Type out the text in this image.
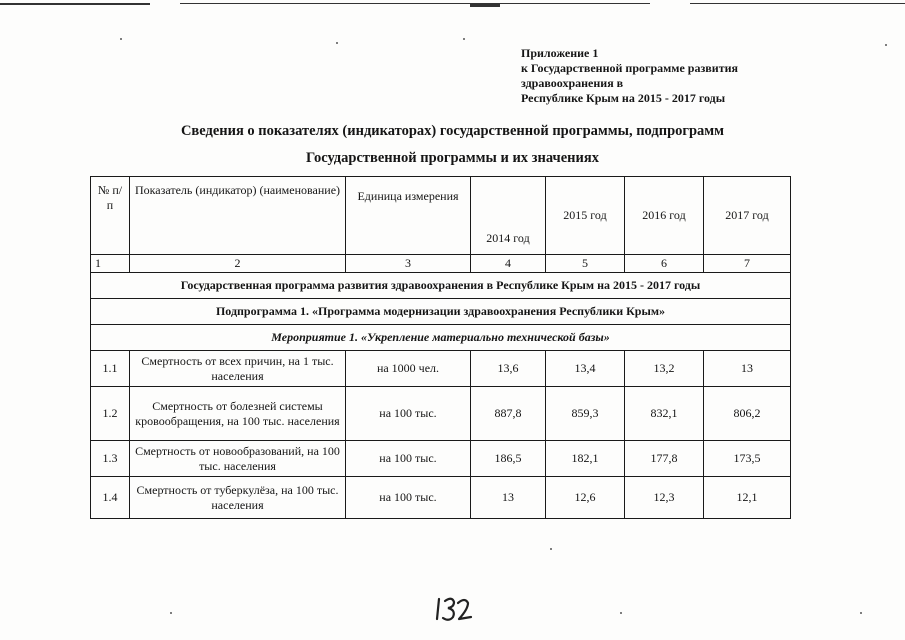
Приложение 1
к Государственной программе развития
здравоохранения в
Республике Крым на 2015 - 2017 годы
Сведения о показателях (индикаторах) государственной программы, подпрограмм
Государственной программы и их значениях
№ п/п	Показатель (индикатор) (наименование)	Единица измерения	2014 год	2015 год	2016 год	2017 год
1	2	3	4	5	6	7
Государственная программа развития здравоохранения в Республике Крым на 2015 - 2017 годы						
Подпрограмма 1. «Программа модернизации здравоохранения Республики Крым»						
Мероприятие 1. «Укрепление материально технической базы»						
1.1	Смертность от всех причин, на 1 тыс. населения	на 1000 чел.	13,6	13,4	13,2	13
1.2	Смертность от болезней системы кровообращения, на 100 тыс. населения	на 100 тыс.	887,8	859,3	832,1	806,2
1.3	Смертность от новообразований, на 100 тыс. населения	на 100 тыс.	186,5	182,1	177,8	173,5
1.4	Смертность от туберкулёза, на 100 тыс. населения	на 100 тыс.	13	12,6	12,3	12,1
